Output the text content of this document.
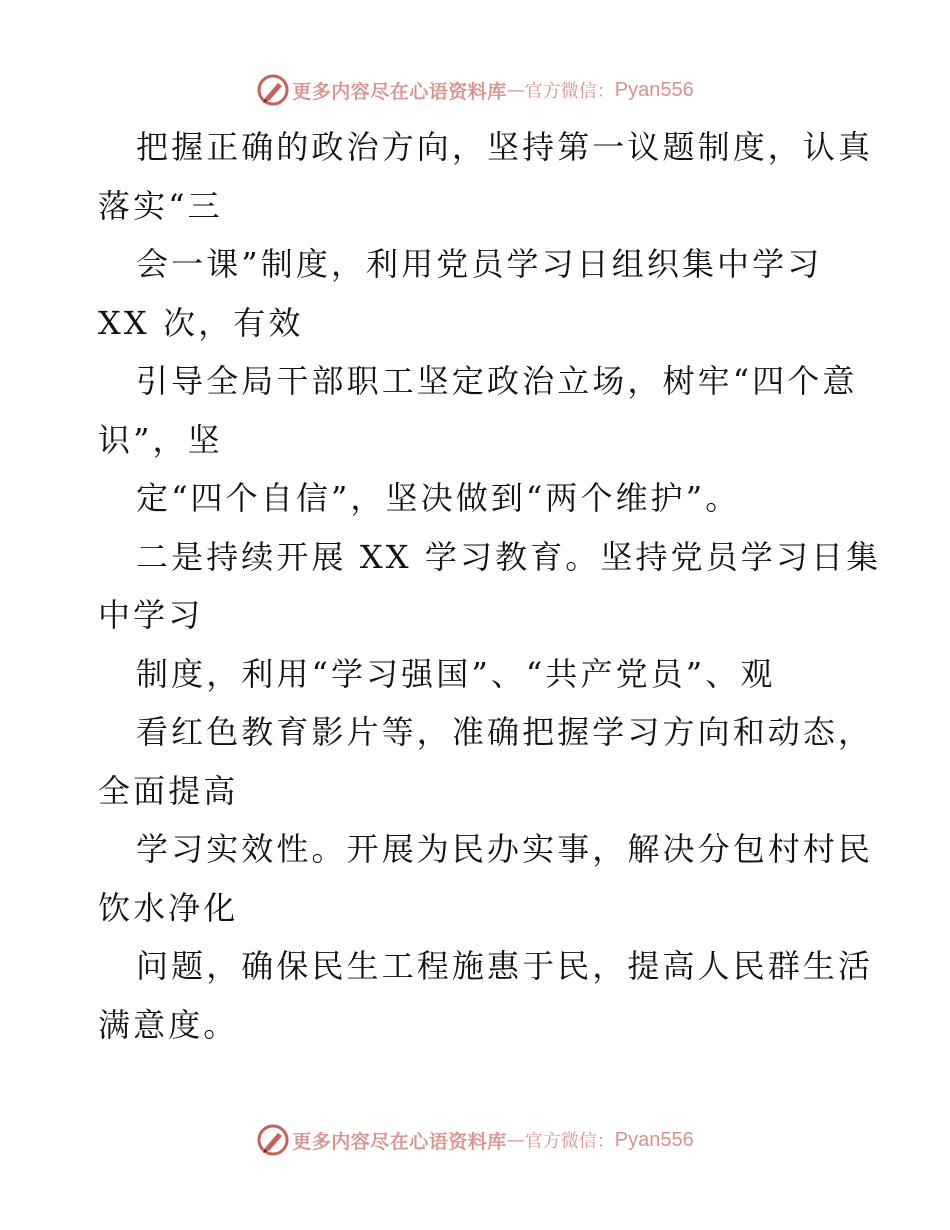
更多内容尽在心语资料库 — 官方微信： Pyan556
把握正确的政治方向，坚持第一议题制度，认真
落实“三
会一课”制度，利用党员学习日组织集中学习
XX 次，有效
引导全局干部职工坚定政治立场，树牢“四个意
识”，坚
定“四个自信”，坚决做到“两个维护”。
二是持续开展 XX 学习教育。坚持党员学习日集
中学习
制度，利用“学习强国”、“共产党员”、观
看红色教育影片等，准确把握学习方向和动态，
全面提高
学习实效性。开展为民办实事，解决分包村村民
饮水净化
问题，确保民生工程施惠于民，提高人民群生活
满意度。
更多内容尽在心语资料库 — 官方微信： Pyan556
